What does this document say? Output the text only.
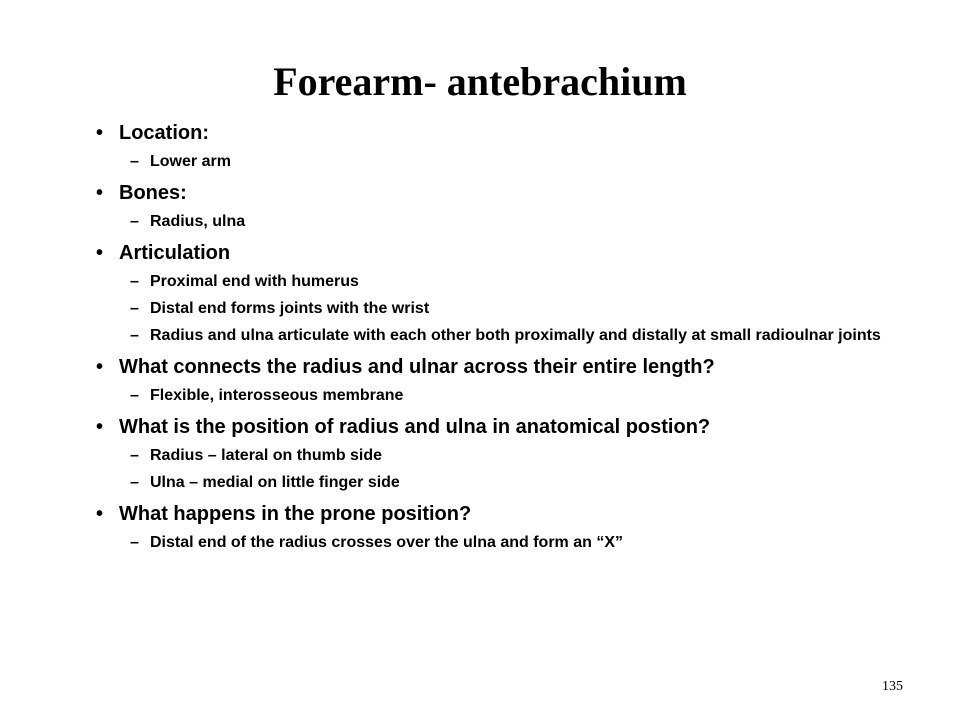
Forearm- antebrachium
• Location:
– Lower arm
• Bones:
– Radius, ulna
• Articulation
– Proximal end with humerus
– Distal end forms joints with the wrist
– Radius and ulna articulate with each other both proximally and distally at small radioulnar joints
• What connects the radius and ulnar across their entire length?
– Flexible, interosseous membrane
• What is the position of radius and ulna in anatomical postion?
– Radius – lateral on thumb side
– Ulna – medial on little finger side
• What happens in the prone position?
– Distal end of the radius crosses over the ulna and form an “X”
135
